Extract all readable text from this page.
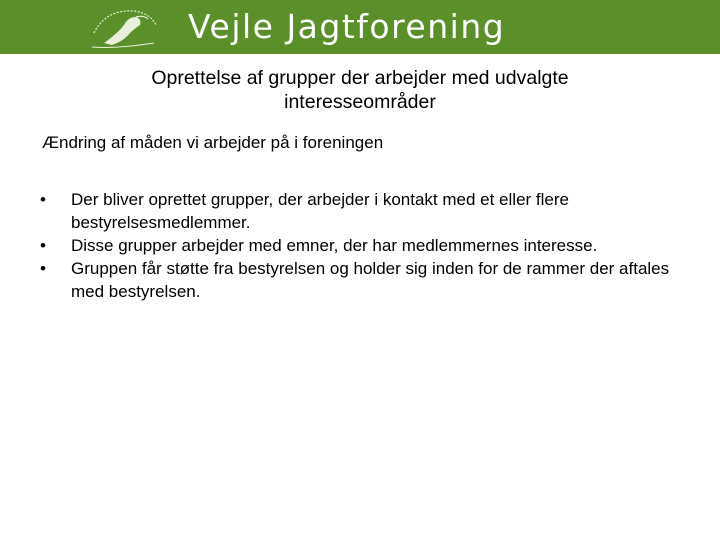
Vejle Jagtforening
Oprettelse af grupper der arbejder med udvalgte interesseområder
Ændring af måden vi arbejder på i foreningen
• Der bliver oprettet grupper, der arbejder i kontakt med et eller flere bestyrelsesmedlemmer.
• Disse grupper arbejder med emner, der har medlemmernes interesse.
• Gruppen får støtte fra bestyrelsen og holder sig inden for de rammer der aftales med bestyrelsen.
